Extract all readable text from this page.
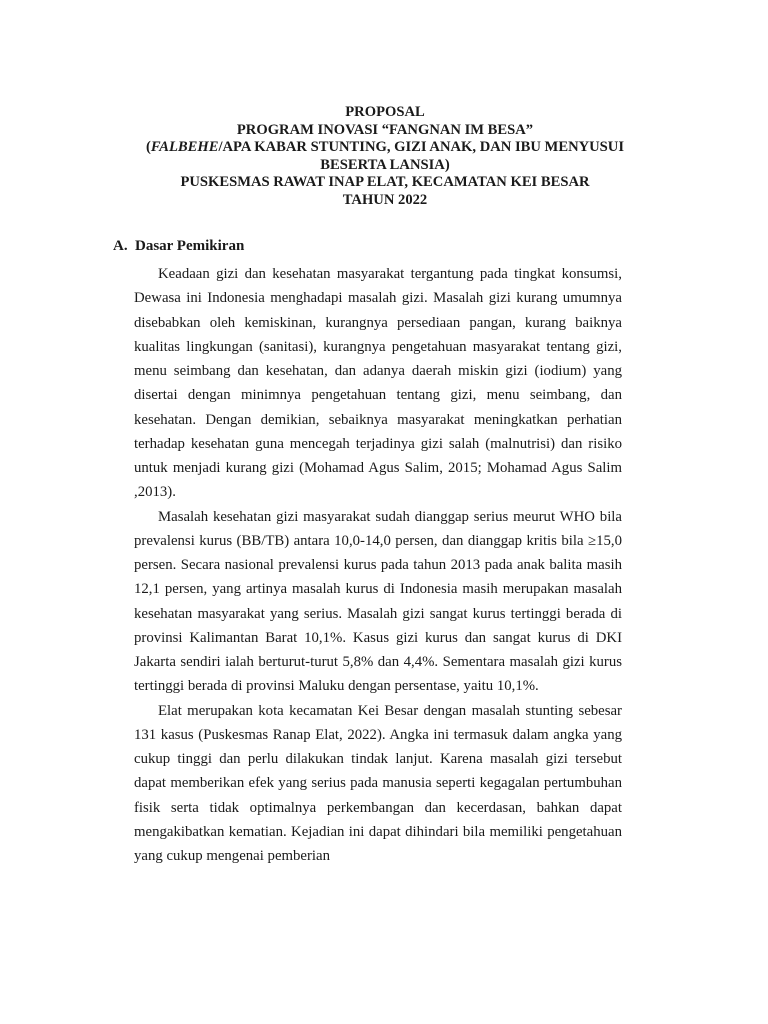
PROPOSAL
PROGRAM INOVASI “FANGNAN IM BESA”
(FALBEHE/APA KABAR STUNTING, GIZI ANAK, DAN IBU MENYUSUI
BESERTA LANSIA)
PUSKESMAS RAWAT INAP ELAT, KECAMATAN KEI BESAR
TAHUN 2022
A. Dasar Pemikiran

Keadaan gizi dan kesehatan masyarakat tergantung pada tingkat konsumsi, Dewasa ini Indonesia menghadapi masalah gizi. Masalah gizi kurang umumnya disebabkan oleh kemiskinan, kurangnya persediaan pangan, kurang baiknya kualitas lingkungan (sanitasi), kurangnya pengetahuan masyarakat tentang gizi, menu seimbang dan kesehatan, dan adanya daerah miskin gizi (iodium) yang disertai dengan minimnya pengetahuan tentang gizi, menu seimbang, dan kesehatan. Dengan demikian, sebaiknya masyarakat meningkatkan perhatian terhadap kesehatan guna mencegah terjadinya gizi salah (malnutrisi) dan risiko untuk menjadi kurang gizi (Mohamad Agus Salim, 2015; Mohamad Agus Salim ,2013).

Masalah kesehatan gizi masyarakat sudah dianggap serius meurut WHO bila prevalensi kurus (BB/TB) antara 10,0-14,0 persen, dan dianggap kritis bila ≥15,0 persen. Secara nasional prevalensi kurus pada tahun 2013 pada anak balita masih 12,1 persen, yang artinya masalah kurus di Indonesia masih merupakan masalah kesehatan masyarakat yang serius. Masalah gizi sangat kurus tertinggi berada di provinsi Kalimantan Barat 10,1%. Kasus gizi kurus dan sangat kurus di DKI Jakarta sendiri ialah berturut-turut 5,8% dan 4,4%. Sementara masalah gizi kurus tertinggi berada di provinsi Maluku dengan persentase, yaitu 10,1%.

Elat merupakan kota kecamatan Kei Besar dengan masalah stunting sebesar 131 kasus (Puskesmas Ranap Elat, 2022). Angka ini termasuk dalam angka yang cukup tinggi dan perlu dilakukan tindak lanjut. Karena masalah gizi tersebut dapat memberikan efek yang serius pada manusia seperti kegagalan pertumbuhan fisik serta tidak optimalnya perkembangan dan kecerdasan, bahkan dapat mengakibatkan kematian. Kejadian ini dapat dihindari bila memiliki pengetahuan yang cukup mengenai pemberian
